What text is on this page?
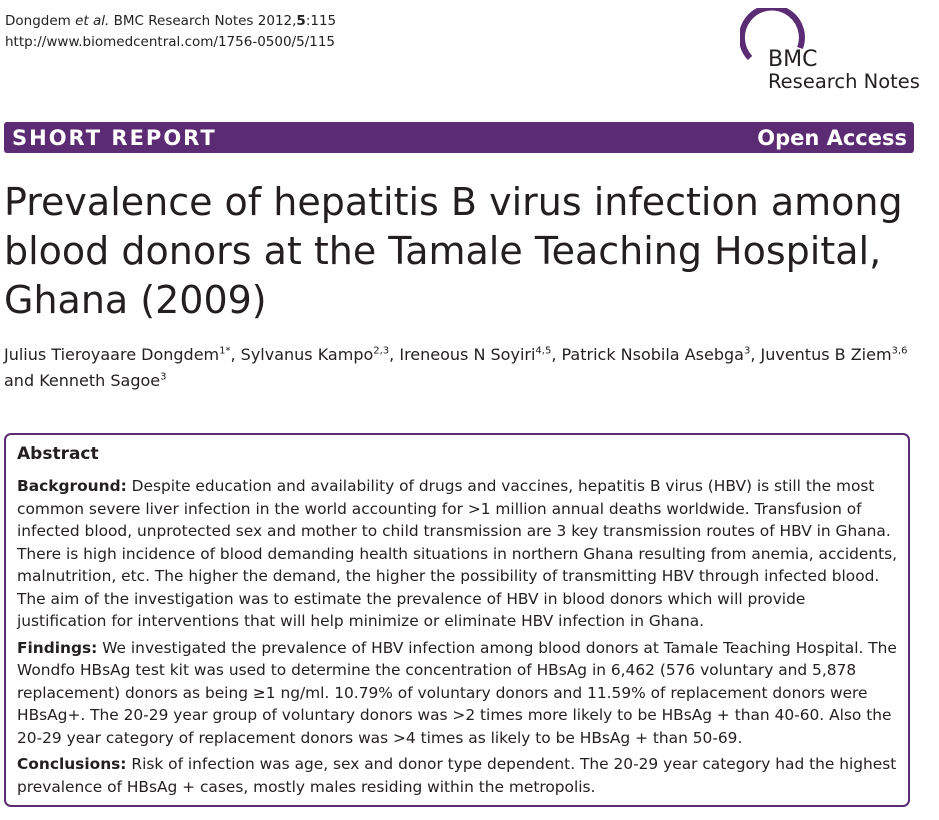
Dongdem et al. BMC Research Notes 2012,5:115
http://www.biomedcentral.com/1756-0500/5/115
BMC
Research Notes
SHORT REPORT	Open Access
Prevalence of hepatitis B virus infection among
blood donors at the Tamale Teaching Hospital,
Ghana (2009)
Julius Tieroyaare Dongdem$^{1*}$, Sylvanus Kampo$^{2,3}$, Ireneous N Soyiri$^{4,5}$, Patrick Nsobila Asebga$^3$, Juventus B Ziem$^{3,6}$
and Kenneth Sagoe$^3$
Abstract

Background: Despite education and availability of drugs and vaccines, hepatitis B virus (HBV) is still the most common severe liver infection in the world accounting for >1 million annual deaths worldwide. Transfusion of infected blood, unprotected sex and mother to child transmission are 3 key transmission routes of HBV in Ghana. There is high incidence of blood demanding health situations in northern Ghana resulting from anemia, accidents, malnutrition, etc. The higher the demand, the higher the possibility of transmitting HBV through infected blood. The aim of the investigation was to estimate the prevalence of HBV in blood donors which will provide justification for interventions that will help minimize or eliminate HBV infection in Ghana.

Findings: We investigated the prevalence of HBV infection among blood donors at Tamale Teaching Hospital. The Wondfo HBsAg test kit was used to determine the concentration of HBsAg in 6,462 (576 voluntary and 5,878 replacement) donors as being ≥1 ng/ml. 10.79% of voluntary donors and 11.59% of replacement donors were HBsAg+. The 20-29 year group of voluntary donors was >2 times more likely to be HBsAg + than 40-60. Also the 20-29 year category of replacement donors was >4 times as likely to be HBsAg + than 50-69.

Conclusions: Risk of infection was age, sex and donor type dependent. The 20-29 year category had the highest prevalence of HBsAg + cases, mostly males residing within the metropolis.
